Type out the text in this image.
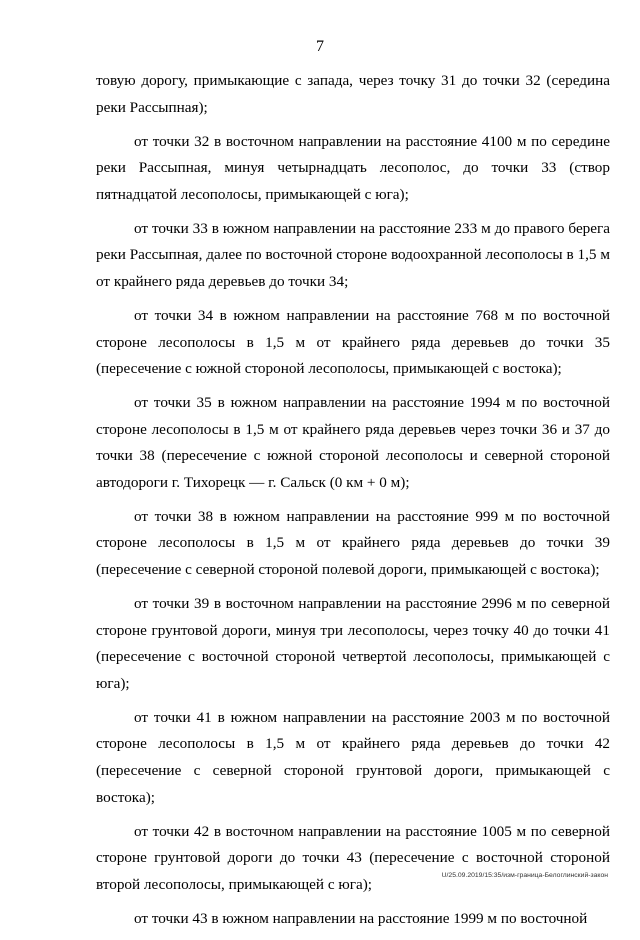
7

товую дорогу, примыкающие с запада, через точку 31 до точки 32 (середина реки Рассыпная);

от точки 32 в восточном направлении на расстояние 4100 м по середине реки Рассыпная, минуя четырнадцать лесополос, до точки 33 (створ пятнадцатой лесополосы, примыкающей с юга);

от точки 33 в южном направлении на расстояние 233 м до правого берега реки Рассыпная, далее по восточной стороне водоохранной лесополосы в 1,5 м от крайнего ряда деревьев до точки 34;

от точки 34 в южном направлении на расстояние 768 м по восточной стороне лесополосы в 1,5 м от крайнего ряда деревьев до точки 35 (пересечение с южной стороной лесополосы, примыкающей с востока);

от точки 35 в южном направлении на расстояние 1994 м по восточной стороне лесополосы в 1,5 м от крайнего ряда деревьев через точки 36 и 37 до точки 38 (пересечение с южной стороной лесополосы и северной стороной автодороги г. Тихорецк — г. Сальск (0 км + 0 м);

от точки 38 в южном направлении на расстояние 999 м по восточной стороне лесополосы в 1,5 м от крайнего ряда деревьев до точки 39 (пересечение с северной стороной полевой дороги, примыкающей с востока);

от точки 39 в восточном направлении на расстояние 2996 м по северной стороне грунтовой дороги, минуя три лесополосы, через точку 40 до точки 41 (пересечение с восточной стороной четвертой лесополосы, примыкающей с юга);

от точки 41 в южном направлении на расстояние 2003 м по восточной стороне лесополосы в 1,5 м от крайнего ряда деревьев до точки 42 (пересечение с северной стороной грунтовой дороги, примыкающей с востока);

от точки 42 в восточном направлении на расстояние 1005 м по северной стороне грунтовой дороги до точки 43 (пересечение с восточной стороной второй лесополосы, примыкающей с юга);

от точки 43 в южном направлении на расстояние 1999 м по восточной

U/25.09.2019/15:35/изм-граница-Белоглинский-закон
